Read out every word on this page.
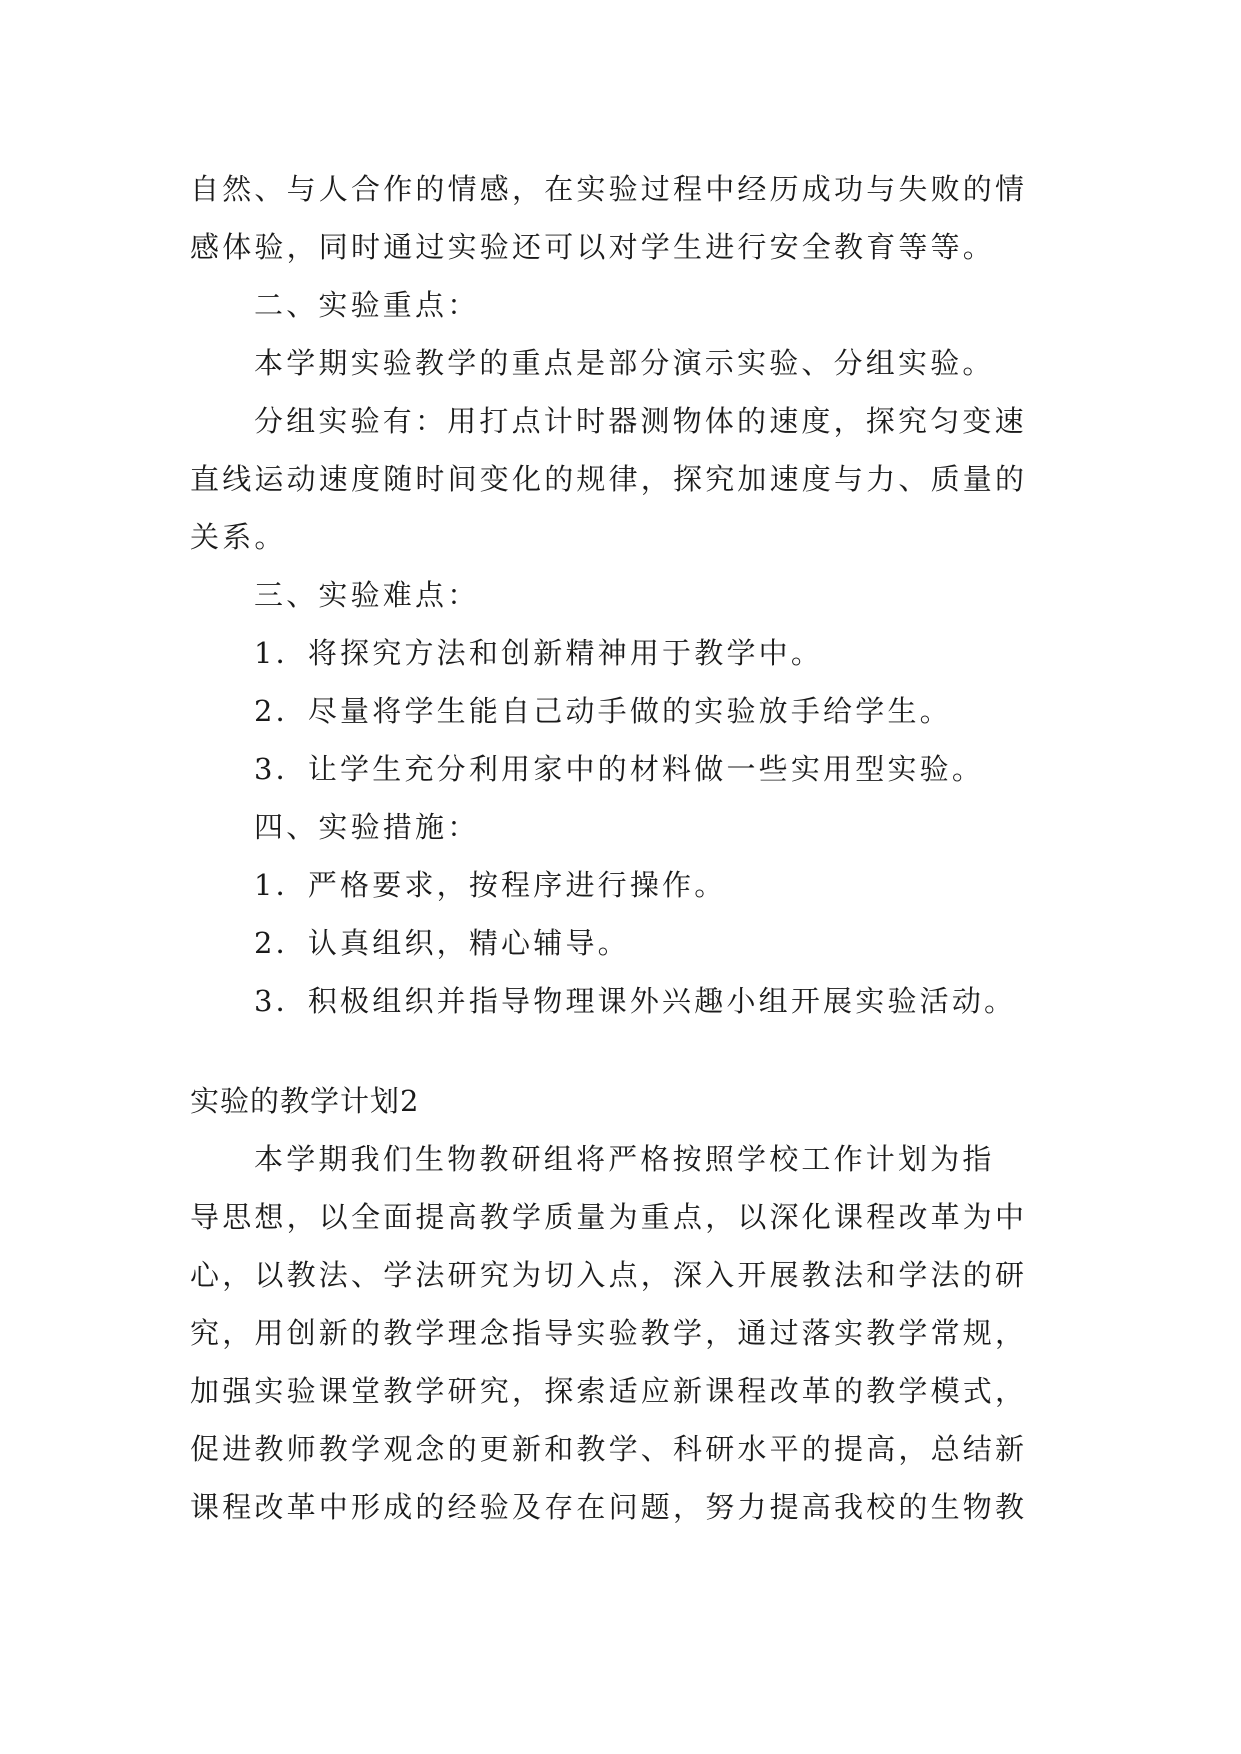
自然、与人合作的情感，在实验过程中经历成功与失败的情
感体验，同时通过实验还可以对学生进行安全教育等等。
二、实验重点：
本学期实验教学的重点是部分演示实验、分组实验。
分组实验有：用打点计时器测物体的速度，探究匀变速
直线运动速度随时间变化的规律，探究加速度与力、质量的
关系。
三、实验难点：
1．将探究方法和创新精神用于教学中。
2．尽量将学生能自己动手做的实验放手给学生。
3．让学生充分利用家中的材料做一些实用型实验。
四、实验措施：
1．严格要求，按程序进行操作。
2．认真组织，精心辅导。
3．积极组织并指导物理课外兴趣小组开展实验活动。
实验的教学计划2
本学期我们生物教研组将严格按照学校工作计划为指
导思想，以全面提高教学质量为重点，以深化课程改革为中
心，以教法、学法研究为切入点，深入开展教法和学法的研
究，用创新的教学理念指导实验教学，通过落实教学常规，
加强实验课堂教学研究，探索适应新课程改革的教学模式，
促进教师教学观念的更新和教学、科研水平的提高，总结新
课程改革中形成的经验及存在问题，努力提高我校的生物教
